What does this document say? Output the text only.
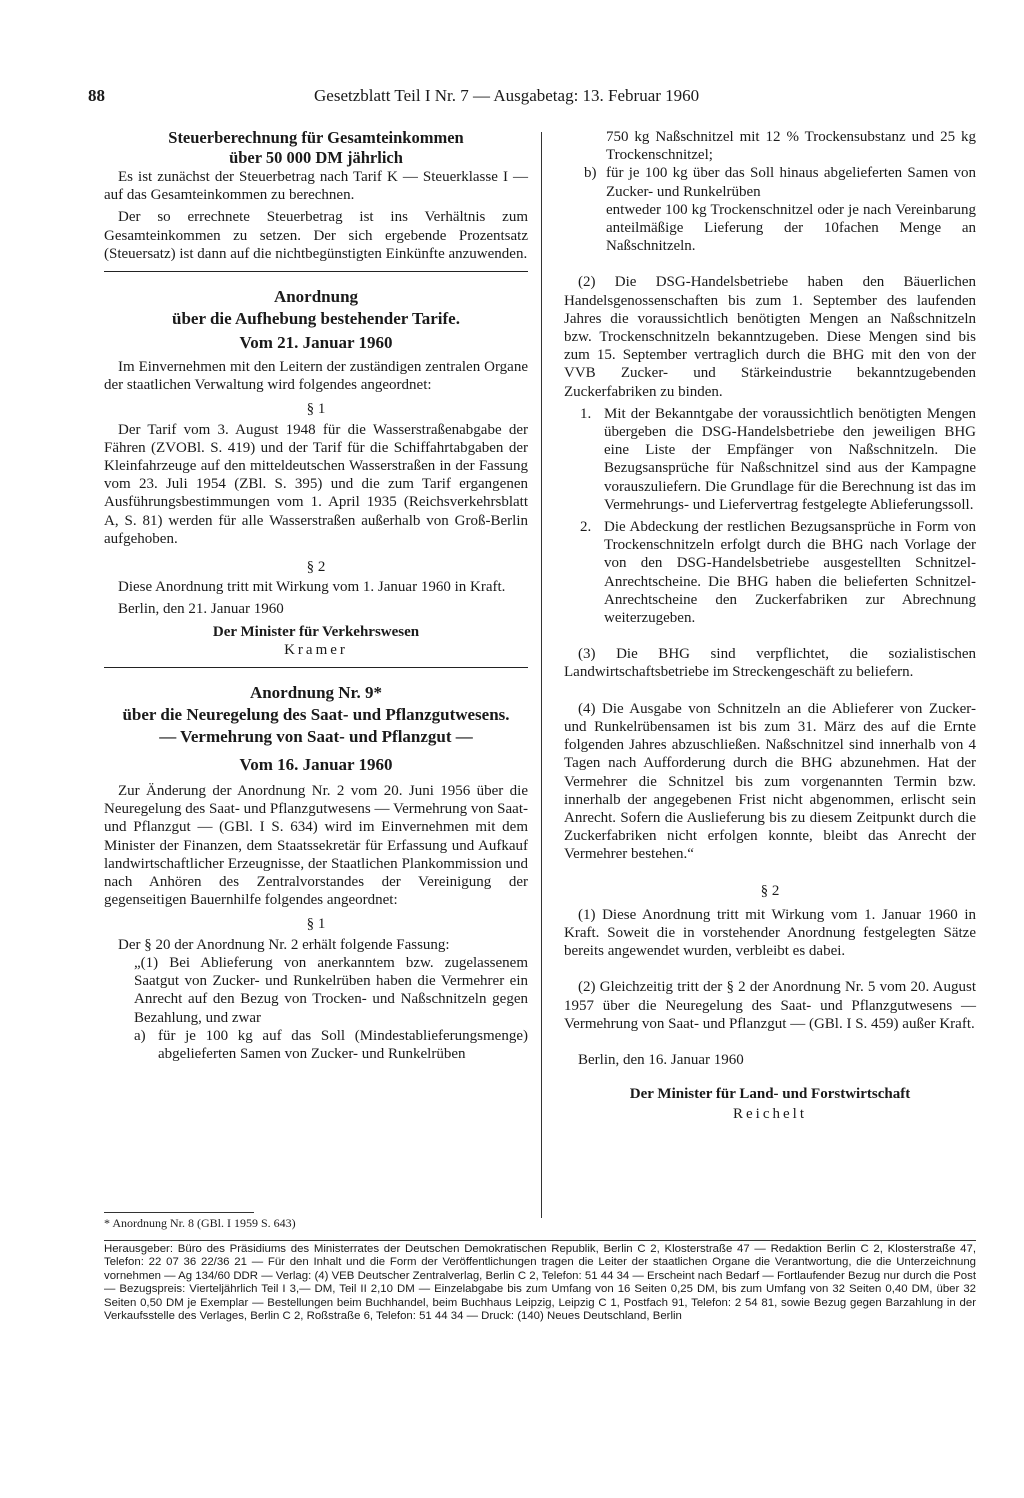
88	Gesetzblatt Teil I Nr. 7 — Ausgabetag: 13. Februar 1960
Steuerberechnung für Gesamteinkommen
über 50 000 DM jährlich

Es ist zunächst der Steuerbetrag nach Tarif K — Steuerklasse I — auf das Gesamteinkommen zu berechnen.

Der so errechnete Steuerbetrag ist ins Verhältnis zum Gesamteinkommen zu setzen. Der sich ergebende Prozentsatz (Steuersatz) ist dann auf die nichtbegünstigten Einkünfte anzuwenden.

Anordnung
über die Aufhebung bestehender Tarife.
Vom 21. Januar 1960

Im Einvernehmen mit den Leitern der zuständigen zentralen Organe der staatlichen Verwaltung wird folgendes angeordnet:

§ 1

Der Tarif vom 3. August 1948 für die Wasserstraßenabgabe der Fähren (ZVOBl. S. 419) und der Tarif für die Schiffahrtabgaben der Kleinfahrzeuge auf den mitteldeutschen Wasserstraßen in der Fassung vom 23. Juli 1954 (ZBl. S. 395) und die zum Tarif ergangenen Ausführungsbestimmungen vom 1. April 1935 (Reichsverkehrsblatt A, S. 81) werden für alle Wasserstraßen außerhalb von Groß-Berlin aufgehoben.

§ 2

Diese Anordnung tritt mit Wirkung vom 1. Januar 1960 in Kraft.

Berlin, den 21. Januar 1960

Der Minister für Verkehrswesen
Kramer
Anordnung Nr. 9*
über die Neuregelung des Saat- und Pflanzgutwesens.
— Vermehrung von Saat- und Pflanzgut —
Vom 16. Januar 1960

Zur Änderung der Anordnung Nr. 2 vom 20. Juni 1956 über die Neuregelung des Saat- und Pflanzgutwesens — Vermehrung von Saat- und Pflanzgut — (GBl. I S. 634) wird im Einvernehmen mit dem Minister der Finanzen, dem Staatssekretär für Erfassung und Aufkauf landwirtschaftlicher Erzeugnisse, der Staatlichen Plankommission und nach Anhören des Zentralvorstandes der Vereinigung der gegenseitigen Bauernhilfe folgendes angeordnet:

§ 1

Der § 20 der Anordnung Nr. 2 erhält folgende Fassung:

„(1) Bei Ablieferung von anerkanntem bzw. zugelassenem Saatgut von Zucker- und Runkelrüben haben die Vermehrer ein Anrecht auf den Bezug von Trocken- und Naßschnitzeln gegen Bezahlung, und zwar

a) für je 100 kg auf das Soll (Mindestablieferungsmenge) abgelieferten Samen von Zucker- und Runkelrüben
* Anordnung Nr. 8 (GBl. I 1959 S. 643)

750 kg Naßschnitzel mit 12 % Trockensubstanz und 25 kg Trockenschnitzel;

b) für je 100 kg über das Soll hinaus abgelieferten Samen von Zucker- und Runkelrüben

entweder 100 kg Trockenschnitzel oder je nach Vereinbarung anteilmäßige Lieferung der 10fachen Menge an Naßschnitzeln.

(2) Die DSG-Handelsbetriebe haben den Bäuerlichen Handelsgenossenschaften bis zum 1. September des laufenden Jahres die voraussichtlich benötigten Mengen an Naßschnitzeln bzw. Trockenschnitzeln bekanntzugeben. Diese Mengen sind bis zum 15. September vertraglich durch die BHG mit den von der VVB Zucker- und Stärkeindustrie bekanntzugebenden Zuckerfabriken zu binden.

1. Mit der Bekanntgabe der voraussichtlich benötigten Mengen übergeben die DSG-Handelsbetriebe den jeweiligen BHG eine Liste der Empfänger von Naßschnitzeln. Die Bezugsansprüche für Naßschnitzel sind aus der Kampagne vorauszuliefern. Die Grundlage für die Berechnung ist das im Vermehrungs- und Liefervertrag festgelegte Ablieferungssoll.
2. Die Abdeckung der restlichen Bezugsansprüche in Form von Trockenschnitzeln erfolgt durch die BHG nach Vorlage der von den DSG-Handelsbetriebe ausgestellten Schnitzel-Anrechtscheine. Die BHG haben die belieferten Schnitzel-Anrechtscheine den Zuckerfabriken zur Abrechnung weiterzugeben.

(3) Die BHG sind verpflichtet, die sozialistischen Landwirtschaftsbetriebe im Streckengeschäft zu beliefern.

(4) Die Ausgabe von Schnitzeln an die Ablieferer von Zucker- und Runkelrübensamen ist bis zum 31. März des auf die Ernte folgenden Jahres abzuschließen. Naßschnitzel sind innerhalb von 4 Tagen nach Aufforderung durch die BHG abzunehmen. Hat der Vermehrer die Schnitzel bis zum vorgenannten Termin bzw. innerhalb der angegebenen Frist nicht abgenommen, erlischt sein Anrecht. Sofern die Auslieferung bis zu diesem Zeitpunkt durch die Zuckerfabriken nicht erfolgen konnte, bleibt das Anrecht der Vermehrer bestehen.“

§ 2

(1) Diese Anordnung tritt mit Wirkung vom 1. Januar 1960 in Kraft. Soweit die in vorstehender Anordnung festgelegten Sätze bereits angewendet wurden, verbleibt es dabei.

(2) Gleichzeitig tritt der § 2 der Anordnung Nr. 5 vom 20. August 1957 über die Neuregelung des Saat- und Pflanzgutwesens — Vermehrung von Saat- und Pflanzgut — (GBl. I S. 459) außer Kraft.

Berlin, den 16. Januar 1960

Der Minister für Land- und Forstwirtschaft
Reichelt
Herausgeber: Büro des Präsidiums des Ministerrates der Deutschen Demokratischen Republik, Berlin C 2, Klosterstraße 47 — Redaktion Berlin C 2, Klosterstraße 47, Telefon: 22 07 36 22/36 21 — Für den Inhalt und die Form der Veröffentlichungen tragen die Leiter der staatlichen Organe die Verantwortung, die die Unterzeichnung vornehmen — Ag 134/60 DDR — Verlag: (4) VEB Deutscher Zentralverlag, Berlin C 2, Telefon: 51 44 34 — Erscheint nach Bedarf — Fortlaufender Bezug nur durch die Post — Bezugspreis: Vierteljährlich Teil I 3,— DM, Teil II 2,10 DM — Einzelabgabe bis zum Umfang von 16 Seiten 0,25 DM, bis zum Umfang von 32 Seiten 0,40 DM, über 32 Seiten 0,50 DM je Exemplar — Bestellungen beim Buchhandel, beim Buchhaus Leipzig, Leipzig C 1, Postfach 91, Telefon: 2 54 81, sowie Bezug gegen Barzahlung in der Verkaufsstelle des Verlages, Berlin C 2, Roßstraße 6, Telefon: 51 44 34 — Druck: (140) Neues Deutschland, Berlin
